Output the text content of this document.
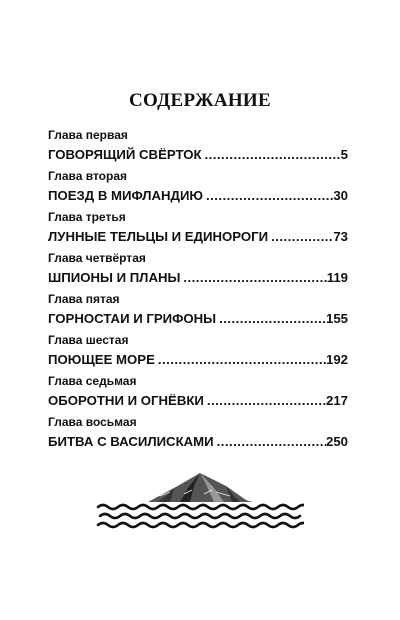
СОДЕРЖАНИЕ
Глава первая
ГОВОРЯЩИЙ СВЁРТОК . . .	5
Глава вторая
ПОЕЗД В МИФЛАНДИЮ . . .	30
Глава третья
ЛУННЫЕ ТЕЛЬЦЫ И ЕДИНОРОГИ . . .	73
Глава четвёртая
ШПИОНЫ И ПЛАНЫ . . .	119
Глава пятая
ГОРНОСТАИ И ГРИФОНЫ . . .	155
Глава шестая
ПОЮЩЕЕ МОРЕ . . .	192
Глава седьмая
ОБОРОТНИ И ОГНЁВКИ . . .	217
Глава восьмая
БИТВА С ВАСИЛИСКАМИ . . .	250
